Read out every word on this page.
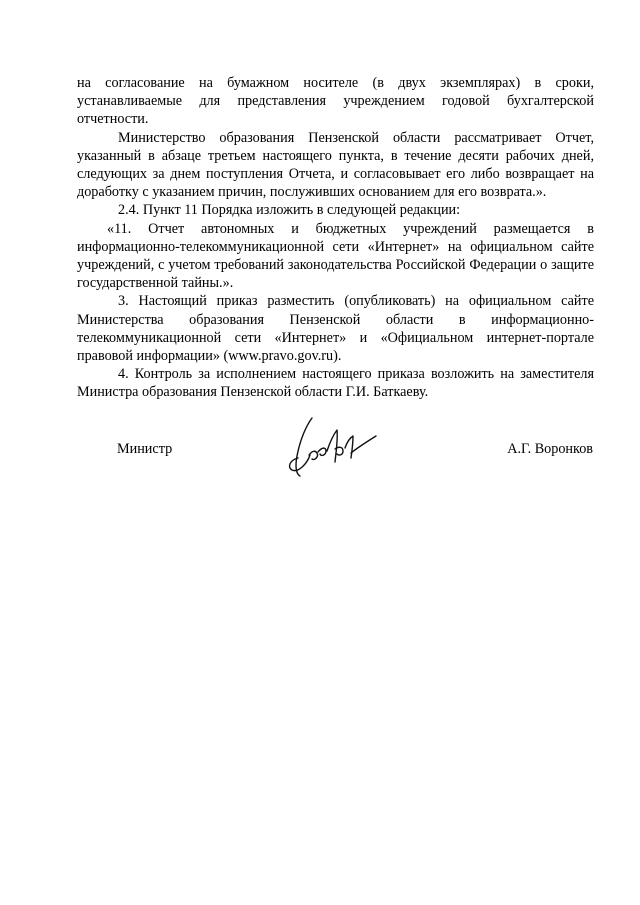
на согласование на бумажном носителе (в двух экземплярах) в сроки, устанавливаемые для представления учреждением годовой бухгалтерской отчетности.

Министерство образования Пензенской области рассматривает Отчет, указанный в абзаце третьем настоящего пункта, в течение десяти рабочих дней, следующих за днем поступления Отчета, и согласовывает его либо возвращает на доработку с указанием причин, послуживших основанием для его возврата.».

2.4. Пункт 11 Порядка изложить в следующей редакции:

«11. Отчет автономных и бюджетных учреждений размещается в информационно-телекоммуникационной сети «Интернет» на официальном сайте учреждений, с учетом требований законодательства Российской Федерации о защите государственной тайны.».

3. Настоящий приказ разместить (опубликовать) на официальном сайте Министерства образования Пензенской области в информационно-телекоммуникационной сети «Интернет» и «Официальном интернет-портале правовой информации» (www.pravo.gov.ru).

4. Контроль за исполнением настоящего приказа возложить на заместителя Министра образования Пензенской области Г.И. Баткаеву.

Министр	А.Г. Воронков
